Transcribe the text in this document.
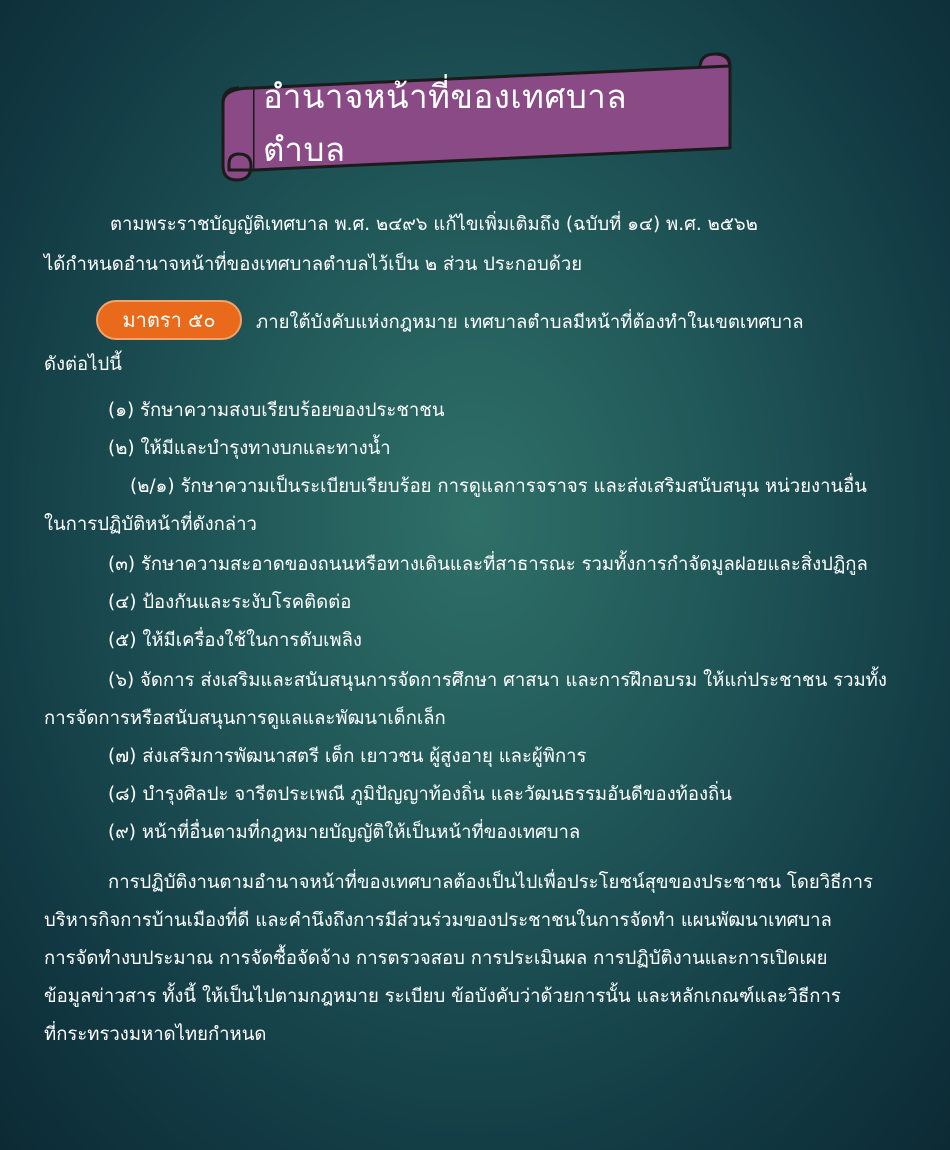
อำนาจหน้าที่ของเทศบาลตำบล
ตามพระราชบัญญัติเทศบาล พ.ศ. ๒๔๙๖ แก้ไขเพิ่มเติมถึง (ฉบับที่ ๑๔) พ.ศ. ๒๕๖๒
ได้กำหนดอำนาจหน้าที่ของเทศบาลตำบลไว้เป็น ๒ ส่วน ประกอบด้วย
มาตรา ๕๐	ภายใต้บังคับแห่งกฎหมาย เทศบาลตำบลมีหน้าที่ต้องทำในเขตเทศบาล
ดังต่อไปนี้
(๑) รักษาความสงบเรียบร้อยของประชาชน
(๒) ให้มีและบำรุงทางบกและทางน้ำ
(๒/๑) รักษาความเป็นระเบียบเรียบร้อย การดูแลการจราจร และส่งเสริมสนับสนุน หน่วยงานอื่น
ในการปฏิบัติหน้าที่ดังกล่าว
(๓) รักษาความสะอาดของถนนหรือทางเดินและที่สาธารณะ รวมทั้งการกำจัดมูลฝอยและสิ่งปฏิกูล
(๔) ป้องกันและระงับโรคติดต่อ
(๕) ให้มีเครื่องใช้ในการดับเพลิง
(๖) จัดการ ส่งเสริมและสนับสนุนการจัดการศึกษา ศาสนา และการฝึกอบรม ให้แก่ประชาชน รวมทั้ง
การจัดการหรือสนับสนุนการดูแลและพัฒนาเด็กเล็ก
(๗) ส่งเสริมการพัฒนาสตรี เด็ก เยาวชน ผู้สูงอายุ และผู้พิการ
(๘) บำรุงศิลปะ จารีตประเพณี ภูมิปัญญาท้องถิ่น และวัฒนธรรมอันดีของท้องถิ่น
(๙) หน้าที่อื่นตามที่กฎหมายบัญญัติให้เป็นหน้าที่ของเทศบาล
การปฏิบัติงานตามอำนาจหน้าที่ของเทศบาลต้องเป็นไปเพื่อประโยชน์สุขของประชาชน โดยวิธีการ
บริหารกิจการบ้านเมืองที่ดี และคำนึงถึงการมีส่วนร่วมของประชาชนในการจัดทำ แผนพัฒนาเทศบาล
การจัดทำงบประมาณ การจัดซื้อจัดจ้าง การตรวจสอบ การประเมินผล การปฏิบัติงานและการเปิดเผย
ข้อมูลข่าวสาร ทั้งนี้ ให้เป็นไปตามกฎหมาย ระเบียบ ข้อบังคับว่าด้วยการนั้น และหลักเกณฑ์และวิธีการ
ที่กระทรวงมหาดไทยกำหนด
